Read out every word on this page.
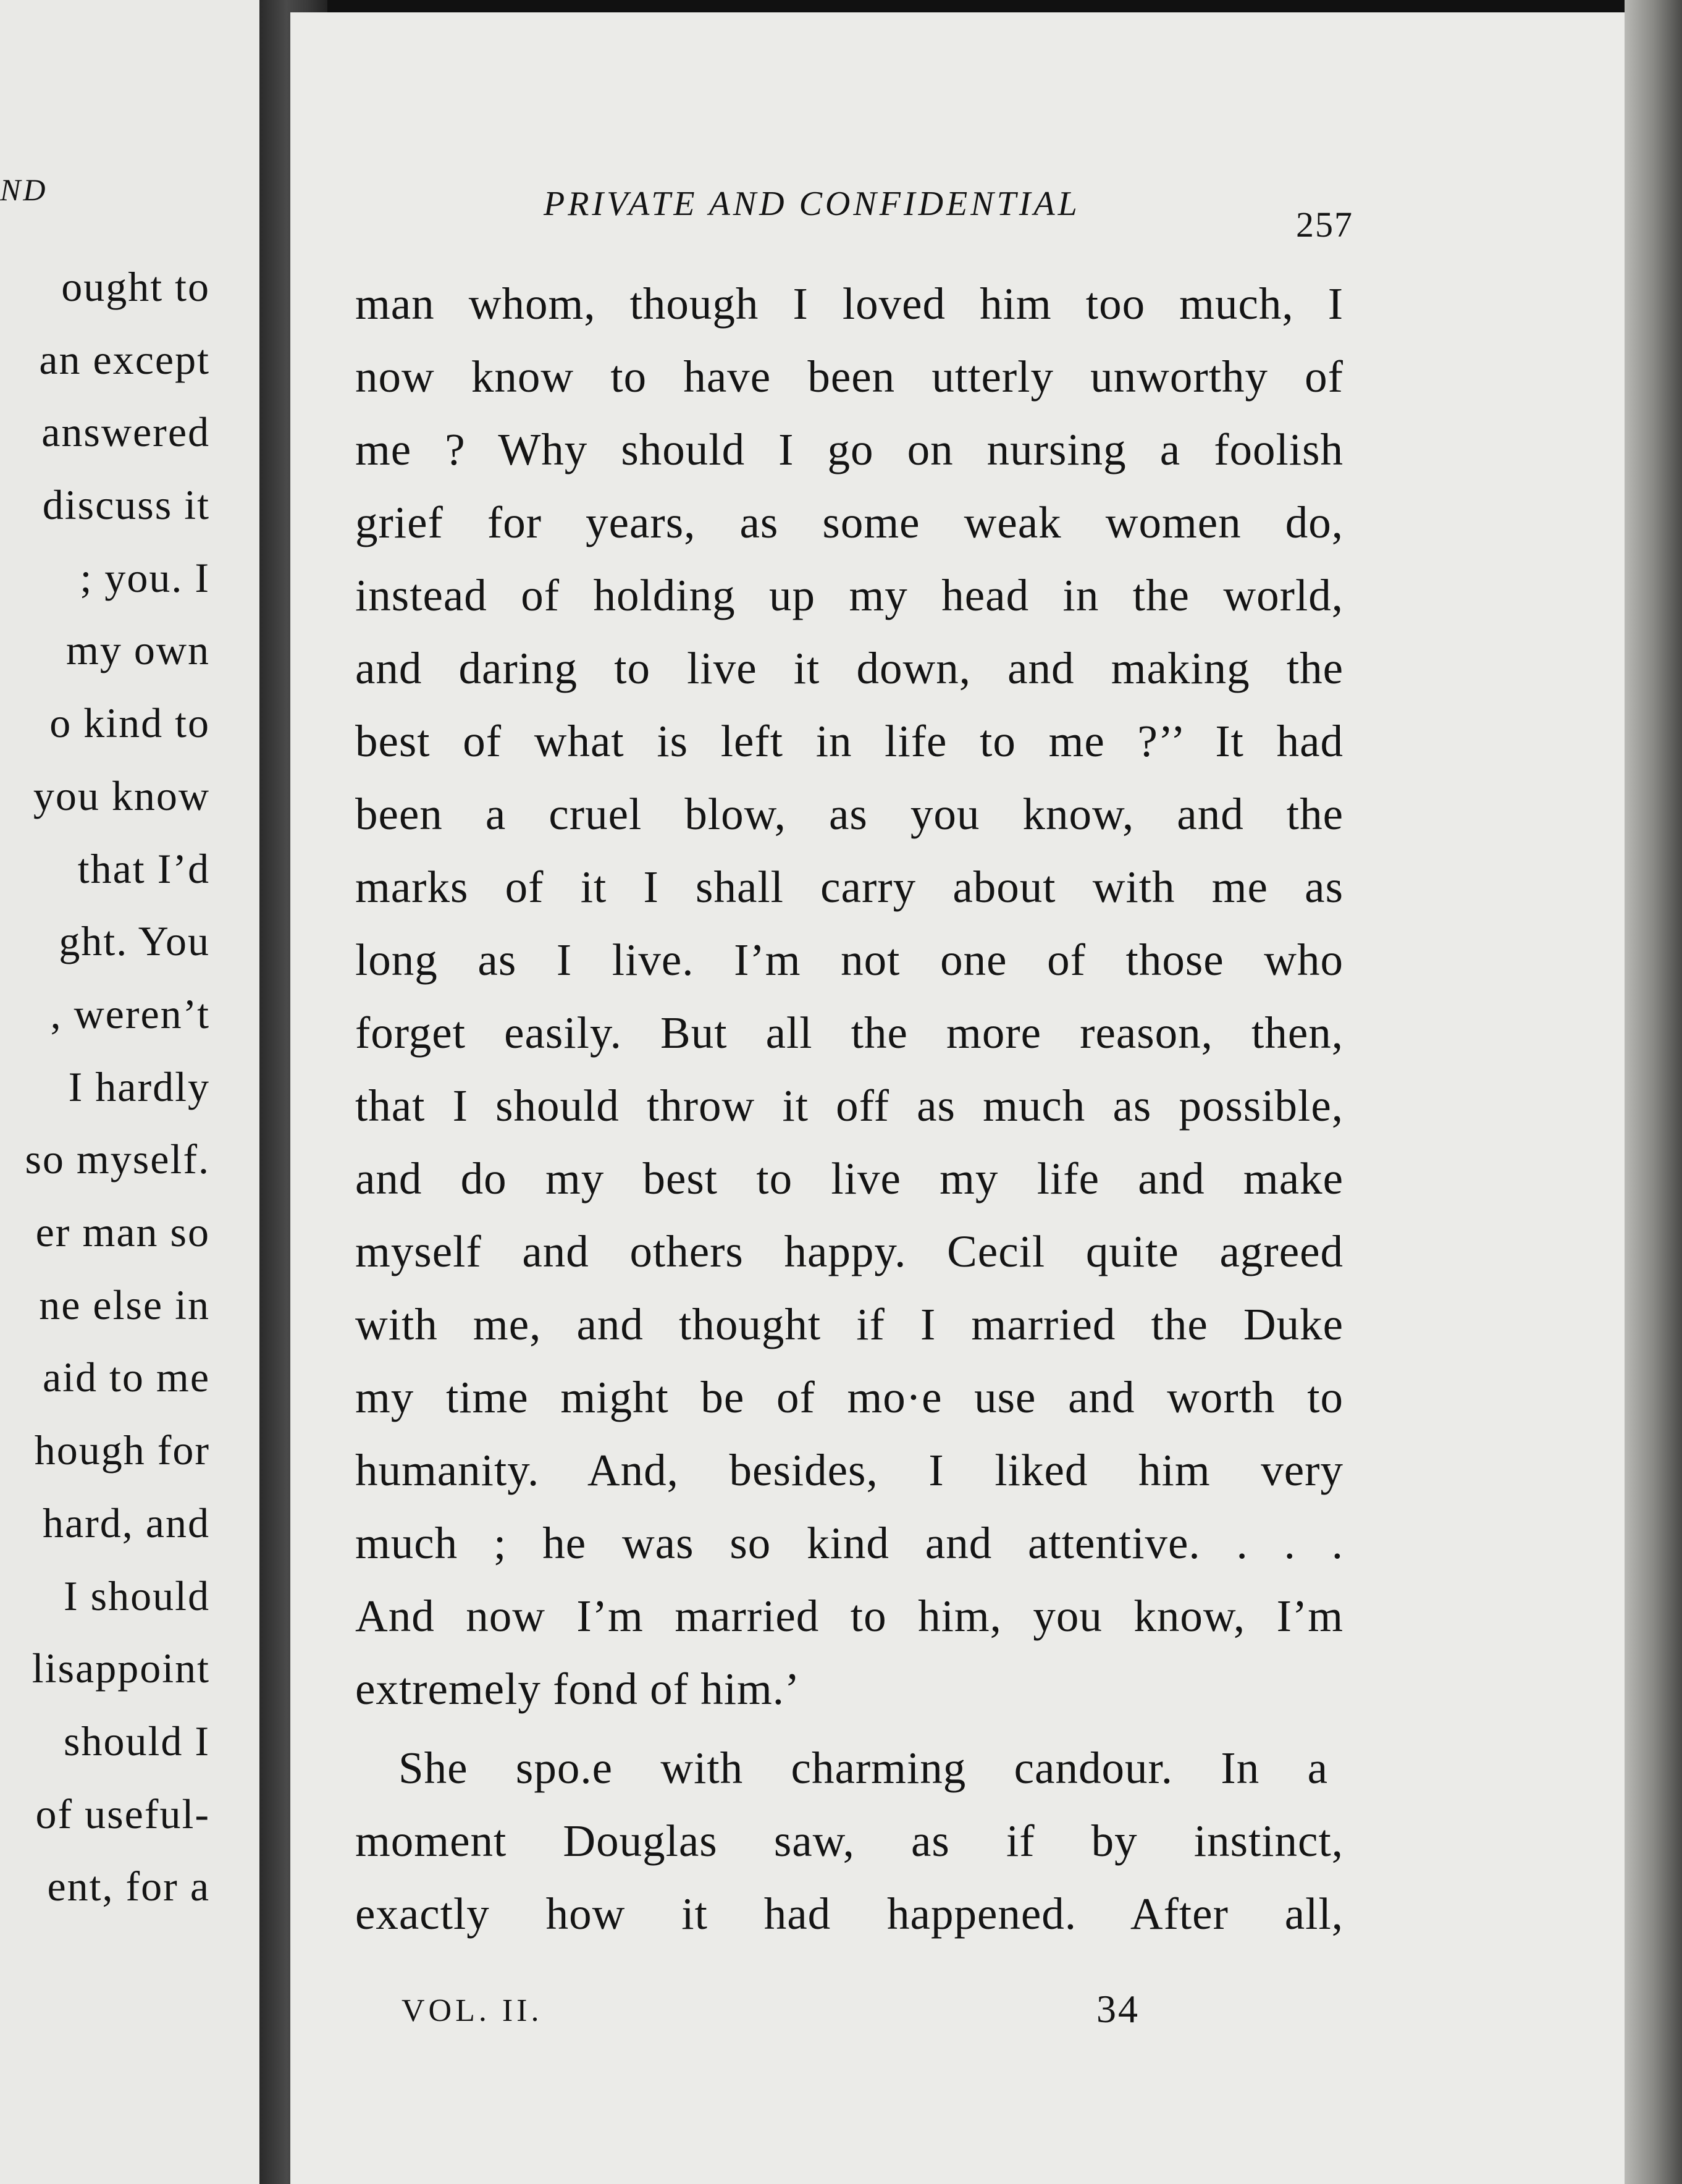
ND
ought to
an except
answered
discuss it
; you. I
my own
o kind to
you know
that I’d
ght. You
, weren’t
I hardly
so myself.
er man so
ne else in
aid to me
hough for
hard, and
I should
lisappoint
should I
of useful-
ent, for a
PRIVATE AND CONFIDENTIAL
257
man whom, though I loved him too much, I
now know to have been utterly unworthy of
me ? Why should I go on nursing a foolish
grief for years, as some weak women do,
instead of holding up my head in the world,
and daring to live it down, and making the
best of what is left in life to me ?’’ It had
been a cruel blow, as you know, and the
marks of it I shall carry about with me as
long as I live. I’m not one of those who
forget easily. But all the more reason, then,
that I should throw it off as much as possible,
and do my best to live my life and make
myself and others happy. Cecil quite agreed
with me, and thought if I married the Duke
my time might be of mo·e use and worth to
humanity. And, besides, I liked him very
much ; he was so kind and attentive. . . .
And now I’m married to him, you know, I’m
extremely fond of him.’
She spo.e with charming candour. In a
moment Douglas saw, as if by instinct,
exactly how it had happened. After all,
VOL. II.	34
